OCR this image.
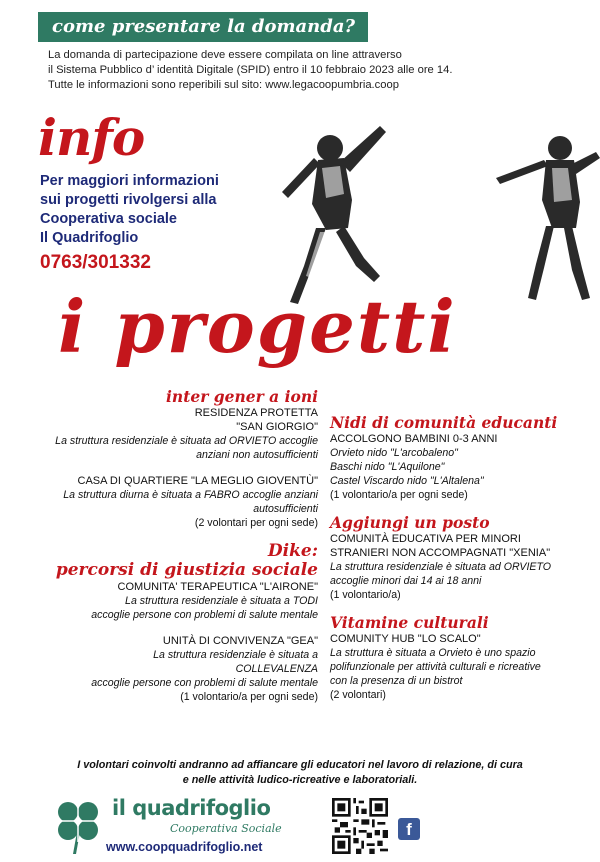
come presentare la domanda?
La domanda di partecipazione deve essere compilata on line attraverso
il Sistema Pubblico d’ identità Digitale (SPID) entro il 10 febbraio 2023 alle ore 14.
Tutte le informazioni sono reperibili sul sito: www.legacoopumbria.coop
info
Per maggiori informazioni
sui progetti rivolgersi alla
Cooperativa sociale
Il Quadrifoglio
0763/301332
i progetti
inter gener a ioni
RESIDENZA PROTETTA
"SAN GIORGIO"
La struttura residenziale è situata ad ORVIETO accoglie
anziani non autosufficienti
CASA DI QUARTIERE "LA MEGLIO GIOVENTÙ"
La struttura diurna è situata a FABRO accoglie anziani
autosufficienti
(2 volontari per ogni sede)
Dike:
percorsi di giustizia sociale
COMUNITA' TERAPEUTICA "L'AIRONE"
La struttura residenziale è situata a TODI
accoglie persone con problemi di salute mentale
UNITÀ DI CONVIVENZA "GEA"
La struttura residenziale è situata a
COLLEVALENZA
accoglie persone con problemi di salute mentale
(1 volontario/a per ogni sede)
Nidi di comunità educanti
ACCOLGONO BAMBINI 0-3 ANNI
Orvieto nido "L'arcobaleno"
Baschi nido "L'Aquilone"
Castel Viscardo nido "L'Altalena"
(1 volontario/a per ogni sede)
Aggiungi un posto
COMUNITÀ EDUCATIVA PER MINORI
STRANIERI NON ACCOMPAGNATI "XENIA"
La struttura residenziale è situata ad ORVIETO
accoglie minori dai 14 ai 18 anni
(1 volontario/a)
Vitamine culturali
COMUNITY HUB "LO SCALO"
La struttura è situata a Orvieto è uno spazio
polifunzionale per attività culturali e ricreative
con la presenza di un bistrot
(2 volontari)
I volontari coinvolti andranno ad affiancare gli educatori nel lavoro di relazione, di cura
e nelle attività ludico-ricreative e laboratoriali.
il quadrifoglio
Cooperativa Sociale
www.coopquadrifoglio.net
f
